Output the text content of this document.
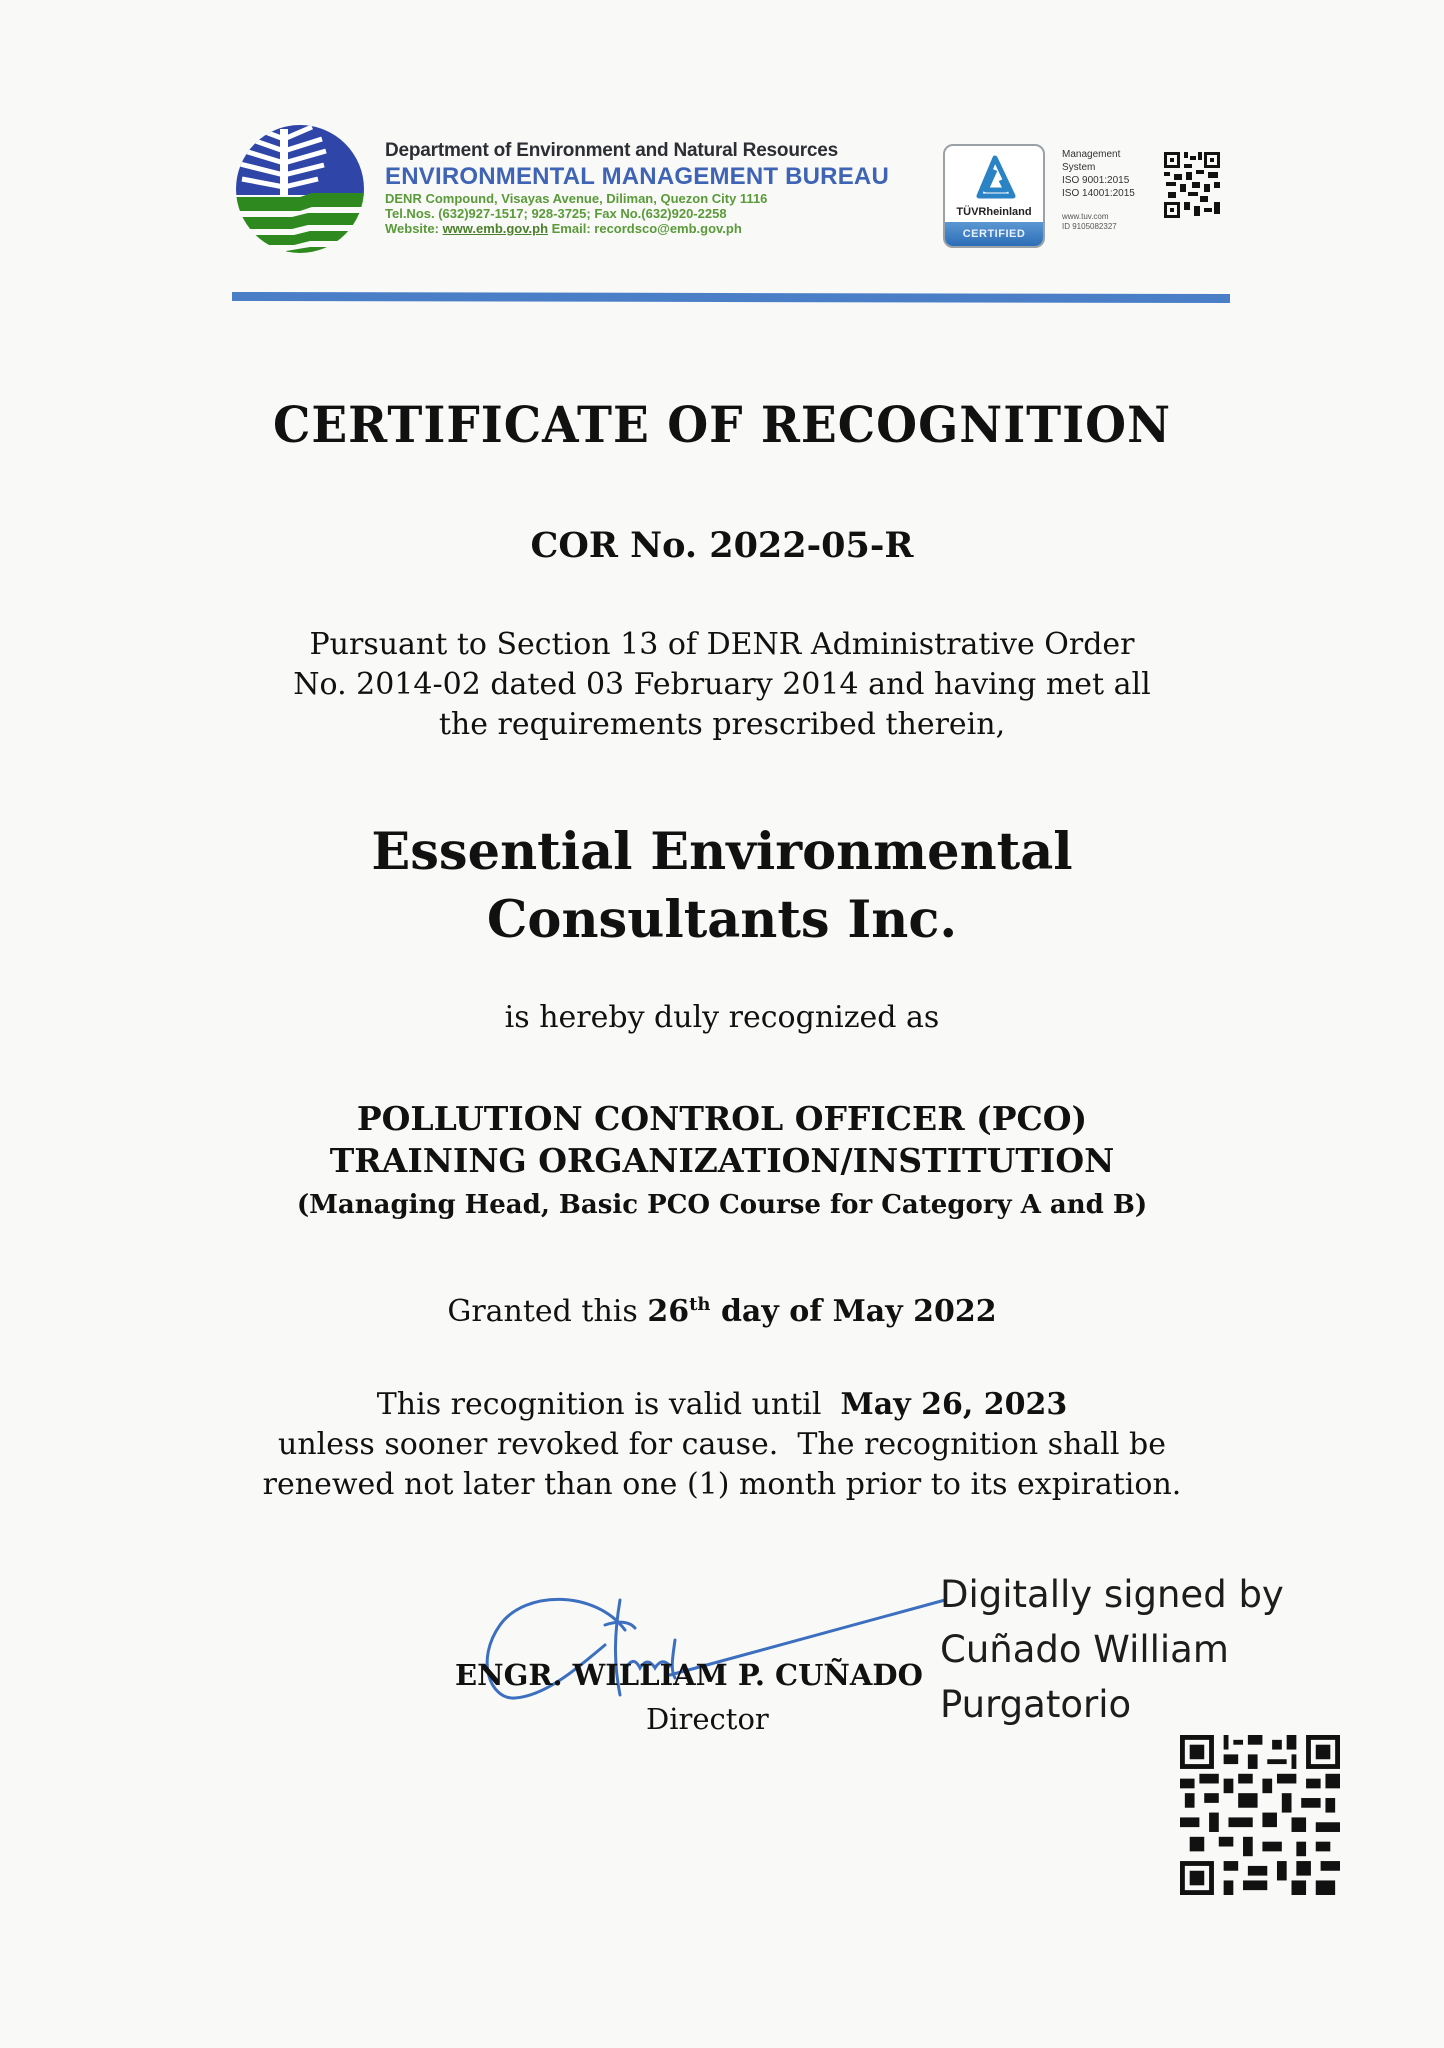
Department of Environment and Natural Resources
ENVIRONMENTAL MANAGEMENT BUREAU
DENR Compound, Visayas Avenue, Diliman, Quezon City 1116
Tel.Nos. (632)927-1517; 928-3725; Fax No.(632)920-2258
Website: www.emb.gov.ph Email: recordsco@emb.gov.ph
TÜVRheinland
CERTIFIED
Management
System
ISO 9001:2015
ISO 14001:2015
www.tuv.com
ID 9105082327
CERTIFICATE OF RECOGNITION
COR No. 2022-05-R
Pursuant to Section 13 of DENR Administrative Order
No. 2014-02 dated 03 February 2014 and having met all
the requirements prescribed therein,
Essential Environmental
Consultants Inc.
is hereby duly recognized as
POLLUTION CONTROL OFFICER (PCO)
TRAINING ORGANIZATION/INSTITUTION
(Managing Head, Basic PCO Course for Category A and B)
Granted this 26th day of May 2022
This recognition is valid until May 26, 2023
unless sooner revoked for cause.  The recognition shall be
renewed not later than one (1) month prior to its expiration.
ENGR. WILLIAM P. CUÑADO
Director
Digitally signed by
Cuñado William
Purgatorio
